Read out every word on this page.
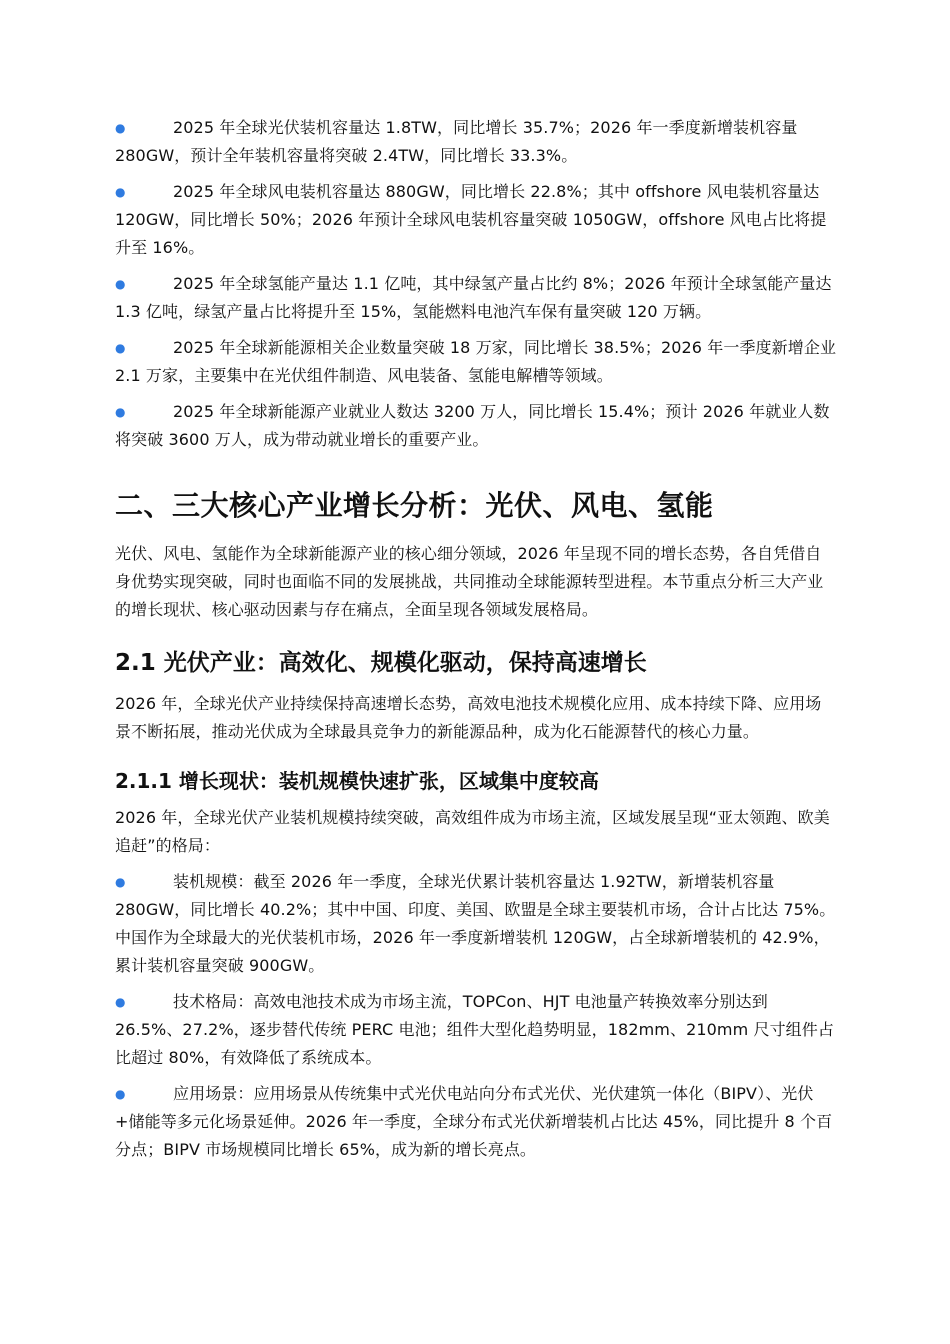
●	2025 年全球光伏装机容量达 1.8TW，同比增长 35.7%；2026 年一季度新增装机容量 280GW，预计全年装机容量将突破 2.4TW，同比增长 33.3%。
●	2025 年全球风电装机容量达 880GW，同比增长 22.8%；其中 offshore 风电装机容量达 120GW，同比增长 50%；2026 年预计全球风电装机容量突破 1050GW，offshore 风电占比将提升至 16%。
●	2025 年全球氢能产量达 1.1 亿吨，其中绿氢产量占比约 8%；2026 年预计全球氢能产量达 1.3 亿吨，绿氢产量占比将提升至 15%，氢能燃料电池汽车保有量突破 120 万辆。
●	2025 年全球新能源相关企业数量突破 18 万家，同比增长 38.5%；2026 年一季度新增企业 2.1 万家，主要集中在光伏组件制造、风电装备、氢能电解槽等领域。
●	2025 年全球新能源产业就业人数达 3200 万人，同比增长 15.4%；预计 2026 年就业人数将突破 3600 万人，成为带动就业增长的重要产业。
二、三大核心产业增长分析：光伏、风电、氢能
光伏、风电、氢能作为全球新能源产业的核心细分领域，2026 年呈现不同的增长态势，各自凭借自身优势实现突破，同时也面临不同的发展挑战，共同推动全球能源转型进程。本节重点分析三大产业的增长现状、核心驱动因素与存在痛点，全面呈现各领域发展格局。
2.1 光伏产业：高效化、规模化驱动，保持高速增长
2026 年，全球光伏产业持续保持高速增长态势，高效电池技术规模化应用、成本持续下降、应用场景不断拓展，推动光伏成为全球最具竞争力的新能源品种，成为化石能源替代的核心力量。
2.1.1 增长现状：装机规模快速扩张，区域集中度较高
2026 年，全球光伏产业装机规模持续突破，高效组件成为市场主流，区域发展呈现“亚太领跑、欧美追赶”的格局：
●	装机规模：截至 2026 年一季度，全球光伏累计装机容量达 1.92TW，新增装机容量 280GW，同比增长 40.2%；其中中国、印度、美国、欧盟是全球主要装机市场，合计占比达 75%。中国作为全球最大的光伏装机市场，2026 年一季度新增装机 120GW，占全球新增装机的 42.9%，累计装机容量突破 900GW。
●	技术格局：高效电池技术成为市场主流，TOPCon、HJT 电池量产转换效率分别达到 26.5%、27.2%，逐步替代传统 PERC 电池；组件大型化趋势明显，182mm、210mm 尺寸组件占比超过 80%，有效降低了系统成本。
●	应用场景：应用场景从传统集中式光伏电站向分布式光伏、光伏建筑一体化（BIPV）、光伏+储能等多元化场景延伸。2026 年一季度，全球分布式光伏新增装机占比达 45%，同比提升 8 个百分点；BIPV 市场规模同比增长 65%，成为新的增长亮点。
